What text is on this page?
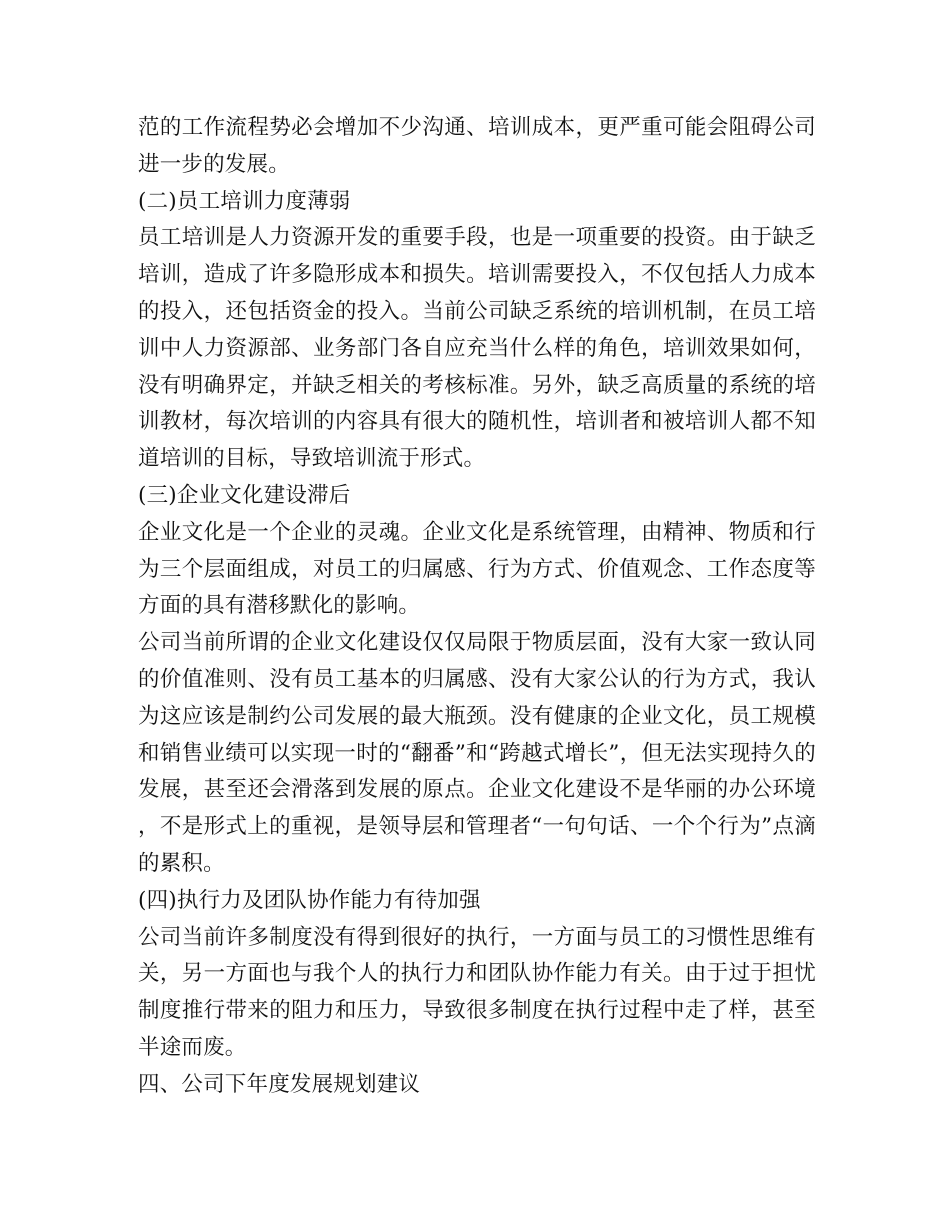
范的工作流程势必会增加不少沟通、培训成本，更严重可能会阻碍公司进一步的发展。

(二)员工培训力度薄弱

员工培训是人力资源开发的重要手段，也是一项重要的投资。由于缺乏培训，造成了许多隐形成本和损失。培训需要投入，不仅包括人力成本的投入，还包括资金的投入。当前公司缺乏系统的培训机制，在员工培训中人力资源部、业务部门各自应充当什么样的角色，培训效果如何，没有明确界定，并缺乏相关的考核标准。另外，缺乏高质量的系统的培训教材，每次培训的内容具有很大的随机性，培训者和被培训人都不知道培训的目标，导致培训流于形式。

(三)企业文化建设滞后

企业文化是一个企业的灵魂。企业文化是系统管理，由精神、物质和行为三个层面组成，对员工的归属感、行为方式、价值观念、工作态度等方面的具有潜移默化的影响。

公司当前所谓的企业文化建设仅仅局限于物质层面，没有大家一致认同的价值准则、没有员工基本的归属感、没有大家公认的行为方式，我认为这应该是制约公司发展的最大瓶颈。没有健康的企业文化，员工规模和销售业绩可以实现一时的“翻番”和“跨越式增长”，但无法实现持久的发展，甚至还会滑落到发展的原点。企业文化建设不是华丽的办公环境，不是形式上的重视，是领导层和管理者“一句句话、一个个行为”点滴的累积。

(四)执行力及团队协作能力有待加强

公司当前许多制度没有得到很好的执行，一方面与员工的习惯性思维有关，另一方面也与我个人的执行力和团队协作能力有关。由于过于担忧制度推行带来的阻力和压力，导致很多制度在执行过程中走了样，甚至半途而废。

四、公司下年度发展规划建议
